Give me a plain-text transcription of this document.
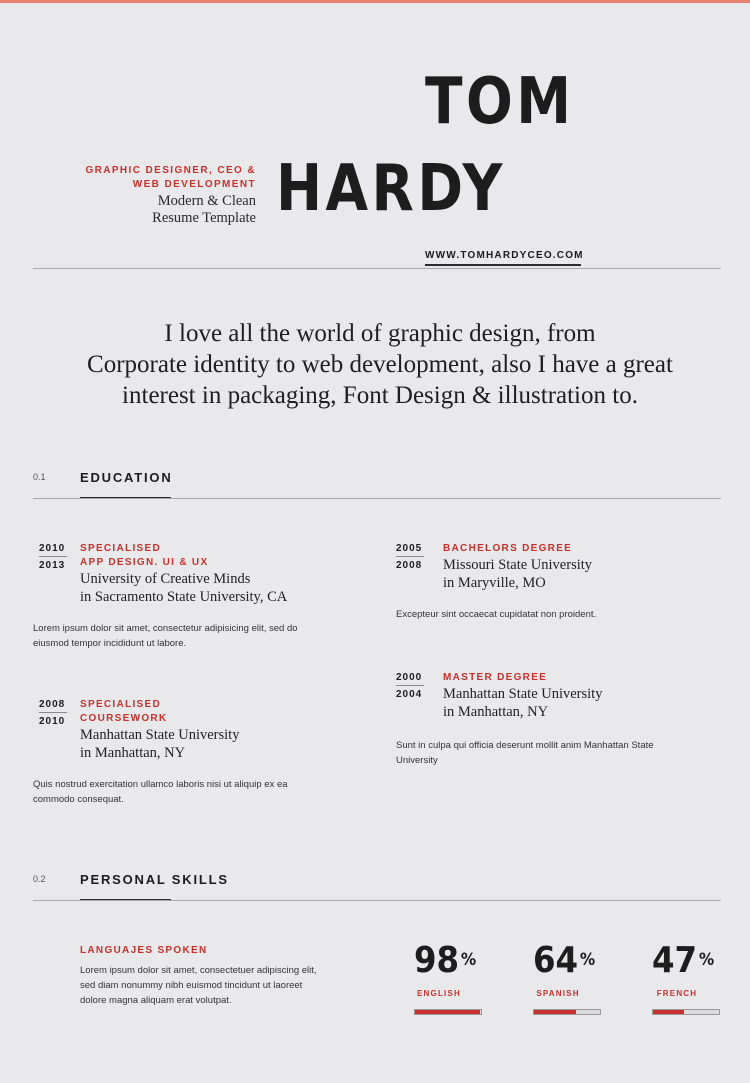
TOM
HARDY
GRAPHIC DESIGNER, CEO &
WEB DEVELOPMENT
Modern & Clean
Resume Template
WWW.TOMHARDYCEO.COM
I love all the world of graphic design, from
Corporate identity to web development, also I have a great
interest in packaging, Font Design & illustration to.
0.1	EDUCATION
2010
2013
SPECIALISED
APP DESIGN. UI & UX
University of Creative Minds
in Sacramento State University, CA
Lorem ipsum dolor sit amet, consectetur adipisicing elit, sed do
eiusmod tempor incididunt ut labore.
2005
2008
BACHELORS DEGREE
Missouri State University
in Maryville, MO
Excepteur sint occaecat cupidatat non proident.
2008
2010
SPECIALISED
COURSEWORK
Manhattan State University
in Manhattan, NY
Quis nostrud exercitation ullamco laboris nisi ut aliquip ex ea
commodo consequat.
2000
2004
MASTER DEGREE
Manhattan State University
in Manhattan, NY
Sunt in culpa qui officia deserunt mollit anim Manhattan State
University
0.2	PERSONAL SKILLS
LANGUAJES SPOKEN
Lorem ipsum dolor sit amet, consectetuer adipiscing elit,
sed diam nonummy nibh euismod tincidunt ut laoreet
dolore magna aliquam erat volutpat.
98 %
ENGLISH
64 %
SPANISH
47 %
FRENCH
